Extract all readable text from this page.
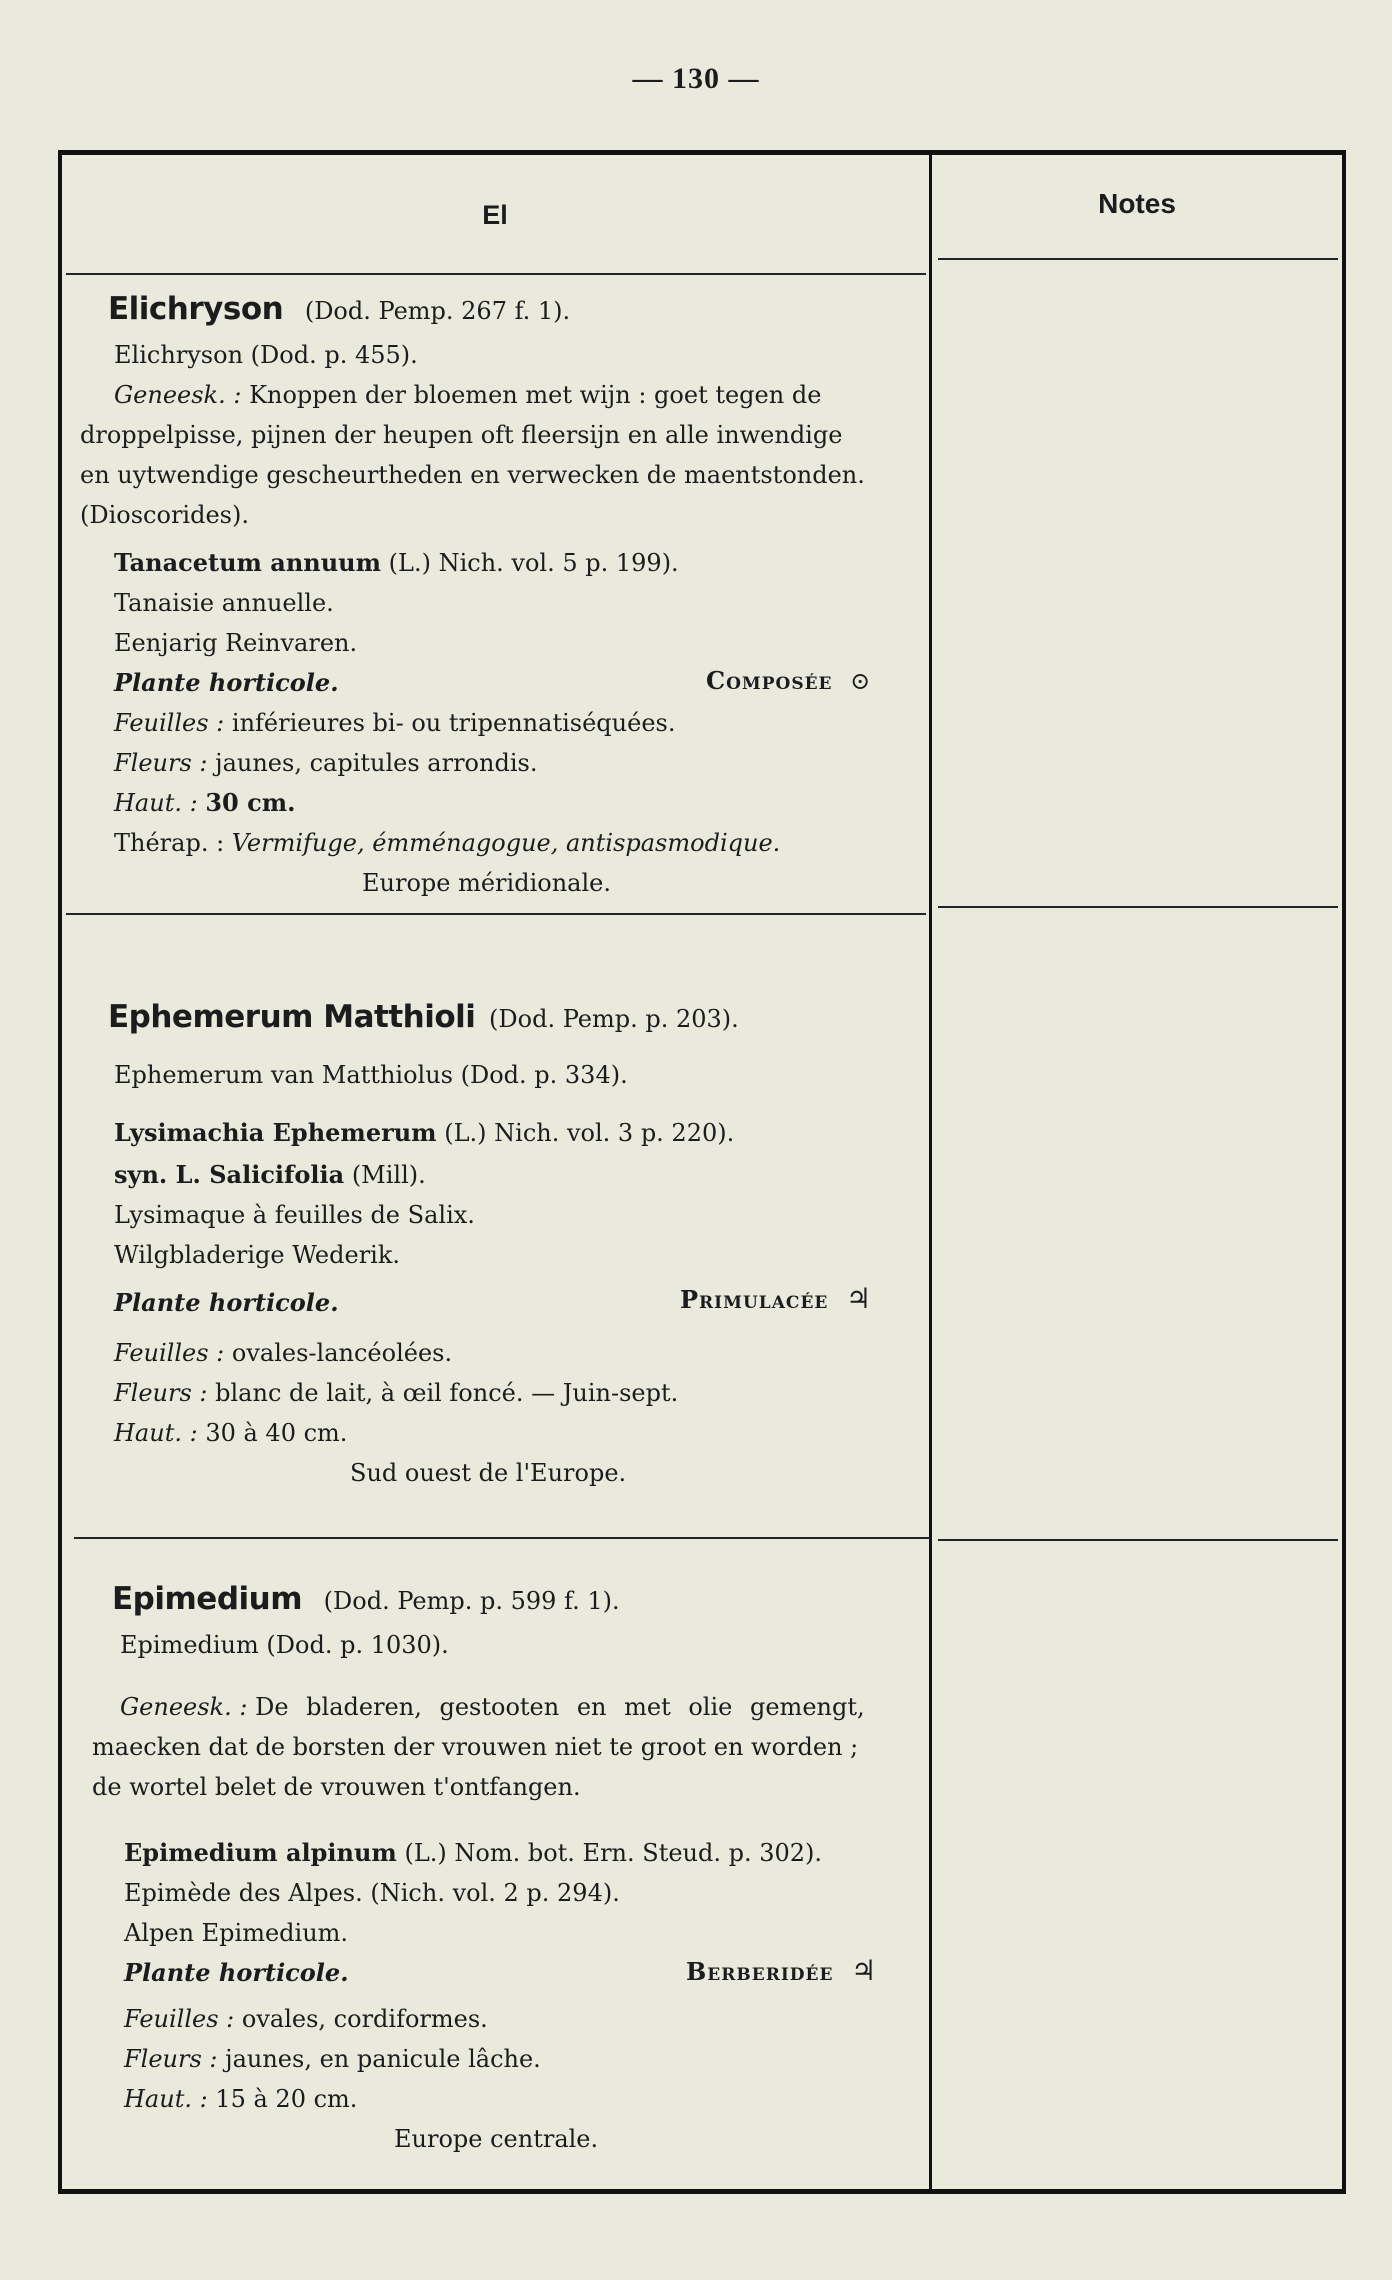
— 130 —
El	Notes
Elichryson (Dod. Pemp. 267 f. 1).
Elichryson (Dod. p. 455).
Geneesk. : Knoppen der bloemen met wijn : goet tegen de
droppelpisse, pijnen der heupen oft fleersijn en alle inwendige
en uytwendige gescheurtheden en verwecken de maentstonden.
(Dioscorides).
Tanacetum annuum (L.) Nich. vol. 5 p. 199).
Tanaisie annuelle.
Eenjarig Reinvaren.
Plante horticole.	Composée ⊙
Feuilles : inférieures bi- ou tripennatiséquées.
Fleurs : jaunes, capitules arrondis.
Haut. : 30 cm.
Thérap. : Vermifuge, émménagogue, antispasmodique.
Europe méridionale.
Ephemerum Matthioli (Dod. Pemp. p. 203).
Ephemerum van Matthiolus (Dod. p. 334).
Lysimachia Ephemerum (L.) Nich. vol. 3 p. 220).
syn. L. Salicifolia (Mill).
Lysimaque à feuilles de Salix.
Wilgbladerige Wederik.
Plante horticole.	Primulacée ♃
Feuilles : ovales-lancéolées.
Fleurs : blanc de lait, à œil foncé. — Juin-sept.
Haut. : 30 à 40 cm.
Sud ouest de l'Europe.
Epimedium (Dod. Pemp. p. 599 f. 1).
Epimedium (Dod. p. 1030).
Geneesk. : De bladeren, gestooten en met olie gemengt,
maecken dat de borsten der vrouwen niet te groot en worden ;
de wortel belet de vrouwen t'ontfangen.
Epimedium alpinum (L.) Nom. bot. Ern. Steud. p. 302).
Epimède des Alpes. (Nich. vol. 2 p. 294).
Alpen Epimedium.
Plante horticole.	Berberidée ♃
Feuilles : ovales, cordiformes.
Fleurs : jaunes, en panicule lâche.
Haut. : 15 à 20 cm.
Europe centrale.
